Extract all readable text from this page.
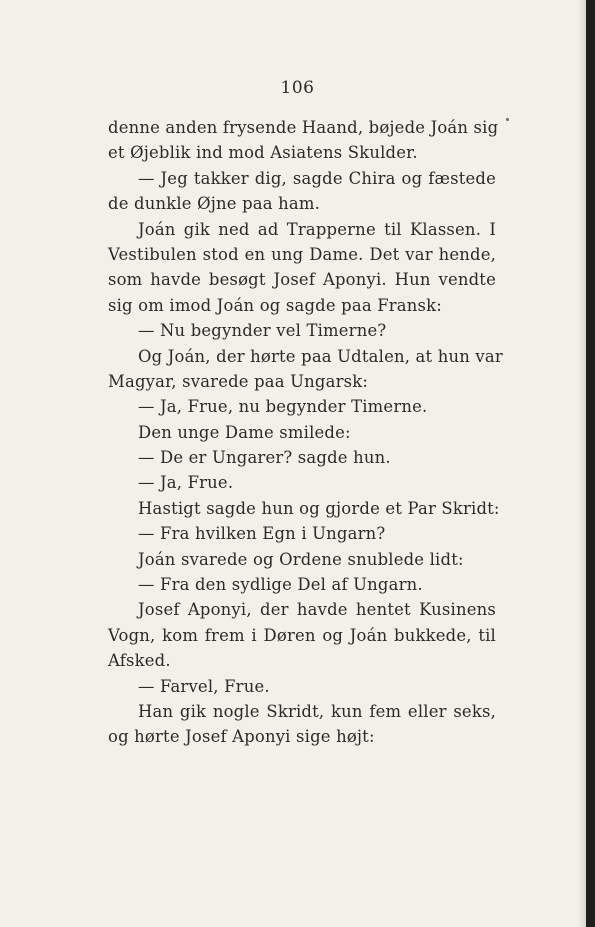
106
denne anden frysende Haand, bøjede Joán sig
et Øjeblik ind mod Asiatens Skulder.
— Jeg takker dig, sagde Chira og fæstede
de dunkle Øjne paa ham.
Joán gik ned ad Trapperne til Klassen. I
Vestibulen stod en ung Dame. Det var hende,
som havde besøgt Josef Aponyi. Hun vendte
sig om imod Joán og sagde paa Fransk:
— Nu begynder vel Timerne?
Og Joán, der hørte paa Udtalen, at hun var
Magyar, svarede paa Ungarsk:
— Ja, Frue, nu begynder Timerne.
Den unge Dame smilede:
— De er Ungarer? sagde hun.
— Ja, Frue.
Hastigt sagde hun og gjorde et Par Skridt:
— Fra hvilken Egn i Ungarn?
Joán svarede og Ordene snublede lidt:
— Fra den sydlige Del af Ungarn.
Josef Aponyi, der havde hentet Kusinens
Vogn, kom frem i Døren og Joán bukkede, til
Afsked.
— Farvel, Frue.
Han gik nogle Skridt, kun fem eller seks,
og hørte Josef Aponyi sige højt:
